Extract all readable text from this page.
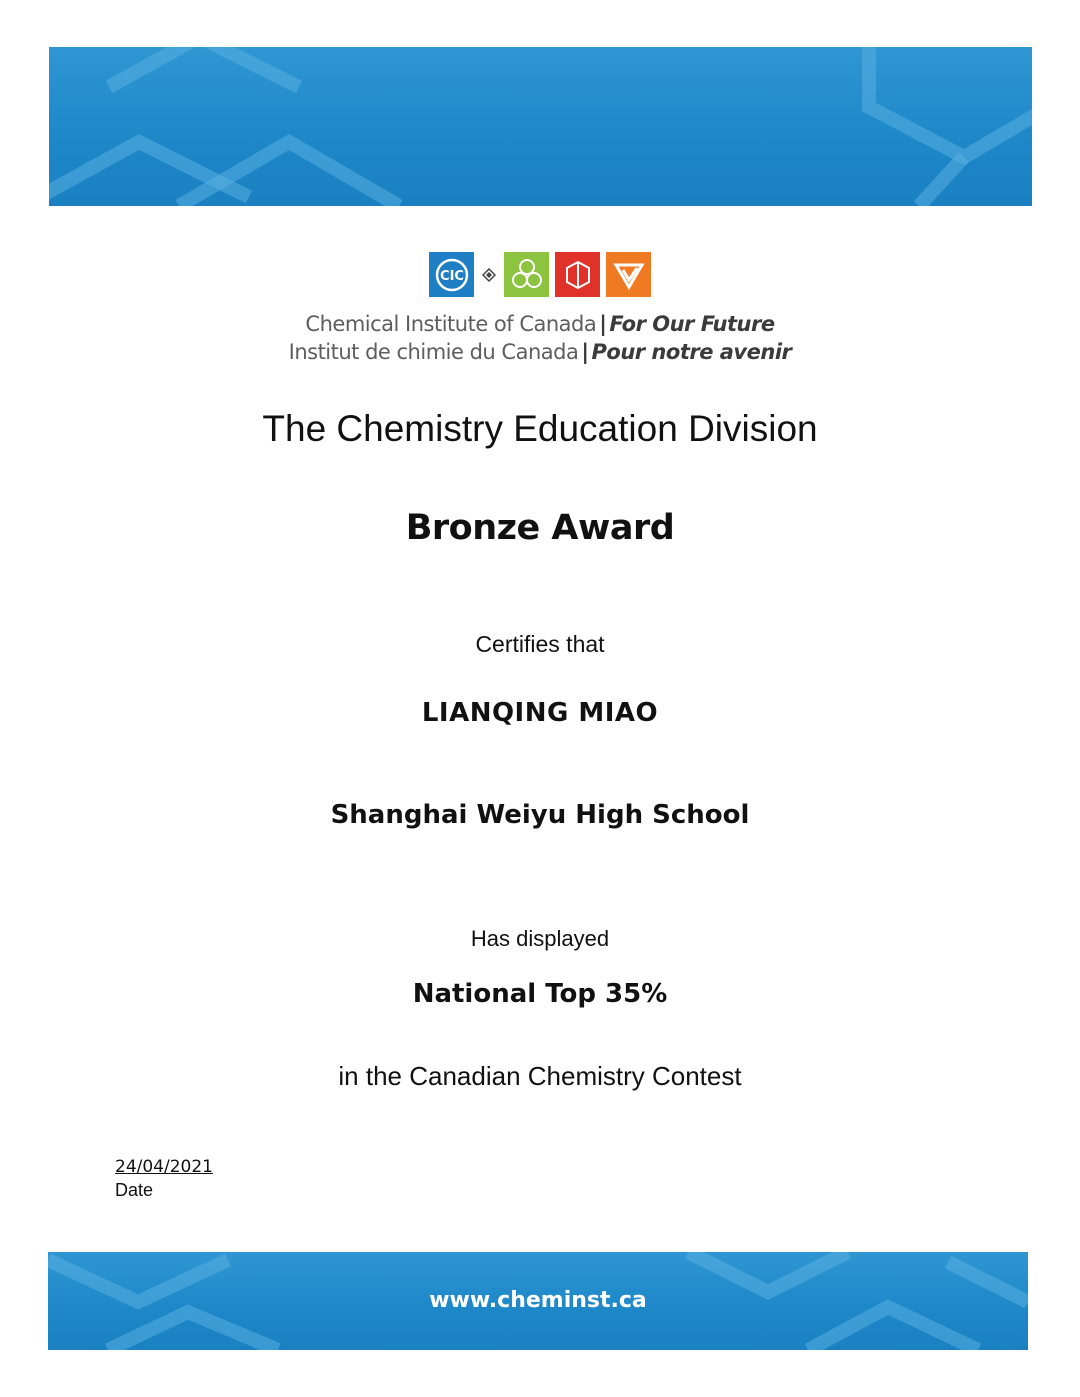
CIC
Chemical Institute of Canada | For Our Future
Institut de chimie du Canada | Pour notre avenir
The Chemistry Education Division
Bronze Award
Certifies that
LIANQING MIAO
Shanghai Weiyu High School
Has displayed
National Top 35%
in the Canadian Chemistry Contest
24/04/2021
Date
www.cheminst.ca
